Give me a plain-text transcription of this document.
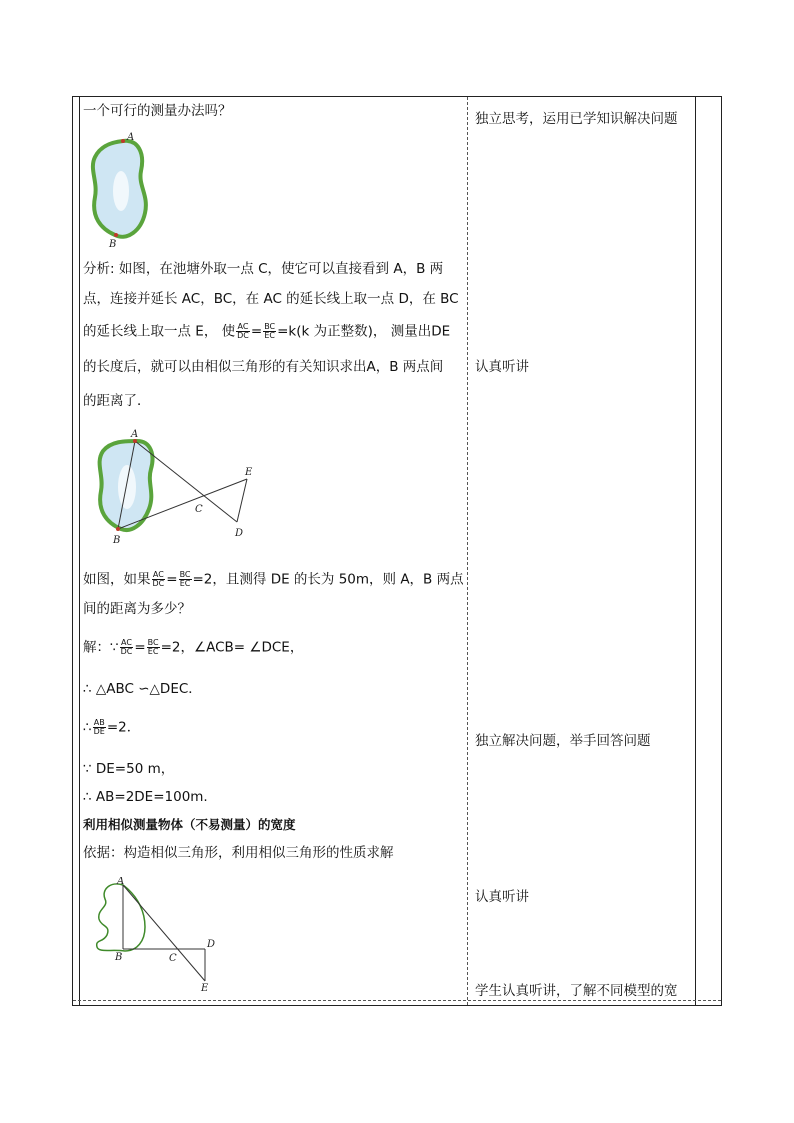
一个可行的测量办法吗？
A
B
分析: 如图，在池塘外取一点 C，使它可以直接看到 A，B 两
点，连接并延长 AC，BC，在 AC 的延长线上取一点 D，在 BC
的延长线上取一点 E， 使 $\frac{AC}{DC} = \frac{BC}{EC} =k(k$ 为正整数)， 测量出DE
的长度后，就可以由相似三角形的有关知识求出A，B 两点间
的距离了．
A
B
C
D
E
如图，如果 $\frac{AC}{DC} = \frac{BC}{EC} =2$，且测得 DE 的长为 50m，则 A，B 两点
间的距离为多少？
解：∵ $\frac{AC}{DC} = \frac{BC}{EC} =2$，∠ACB= ∠DCE，
∴ △ABC ∽△DEC．
∴ $\frac{AB}{DE} =2$．
∵ DE=50 m，
∴ AB=2DE=100m.
利用相似测量物体（不易测量）的宽度
依据：构造相似三角形，利用相似三角形的性质求解
A
B	C
D
E
独立思考，运用已学知识解决问题
认真听讲
独立解决问题，举手回答问题
认真听讲
学生认真听讲，了解不同模型的宽
